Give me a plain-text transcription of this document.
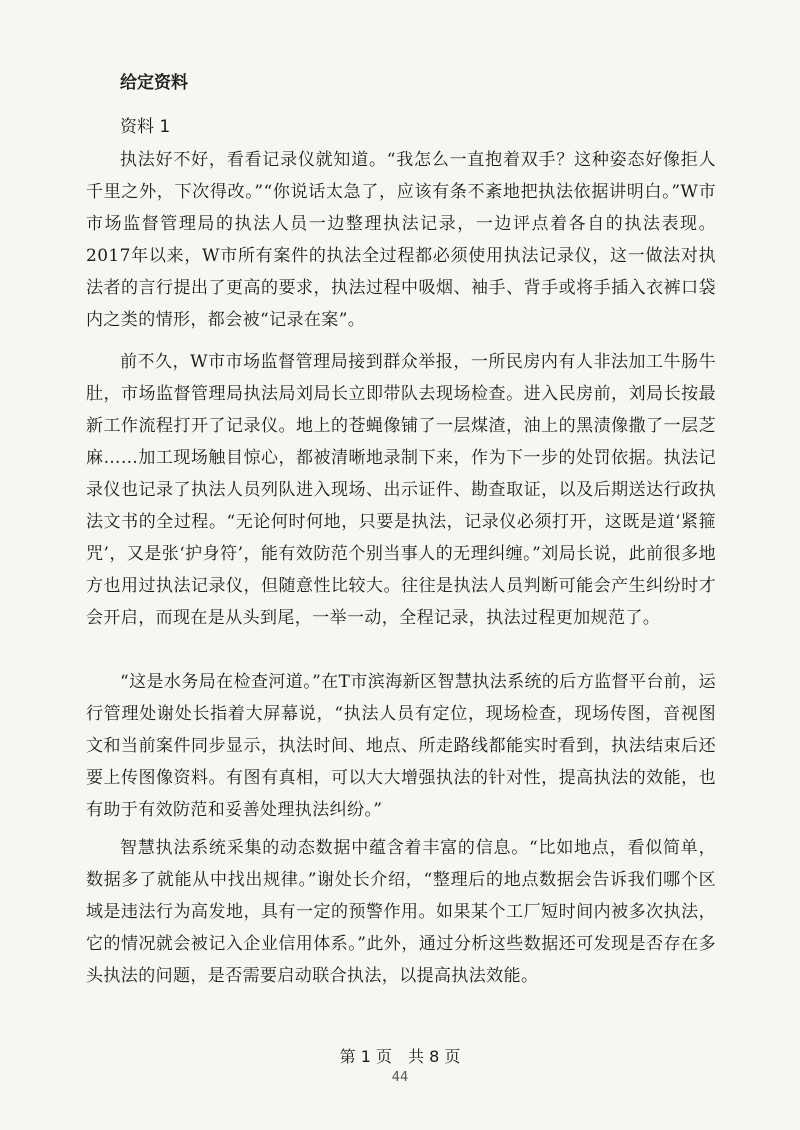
给定资料
资料 1

执法好不好，看看记录仪就知道。“我怎么一直抱着双手？这种姿态好像拒人千里之外，下次得改。”“你说话太急了，应该有条不紊地把执法依据讲明白。”W市市场监督管理局的执法人员一边整理执法记录，一边评点着各自的执法表现。2017年以来，W市所有案件的执法全过程都必须使用执法记录仪，这一做法对执法者的言行提出了更高的要求，执法过程中吸烟、袖手、背手或将手插入衣裤口袋内之类的情形，都会被“记录在案”。

前不久，W市市场监督管理局接到群众举报，一所民房内有人非法加工牛肠牛肚，市场监督管理局执法局刘局长立即带队去现场检查。进入民房前，刘局长按最新工作流程打开了记录仪。地上的苍蝇像铺了一层煤渣，油上的黑渍像撒了一层芝麻……加工现场触目惊心，都被清晰地录制下来，作为下一步的处罚依据。执法记录仪也记录了执法人员列队进入现场、出示证件、勘查取证，以及后期送达行政执法文书的全过程。“无论何时何地，只要是执法，记录仪必须打开，这既是道‘紧箍咒’，又是张‘护身符’，能有效防范个别当事人的无理纠缠。”刘局长说，此前很多地方也用过执法记录仪，但随意性比较大。往往是执法人员判断可能会产生纠纷时才会开启，而现在是从头到尾，一举一动，全程记录，执法过程更加规范了。

“这是水务局在检查河道。”在T市滨海新区智慧执法系统的后方监督平台前，运行管理处谢处长指着大屏幕说，“执法人员有定位，现场检查，现场传图，音视图文和当前案件同步显示，执法时间、地点、所走路线都能实时看到，执法结束后还要上传图像资料。有图有真相，可以大大增强执法的针对性，提高执法的效能，也有助于有效防范和妥善处理执法纠纷。”

智慧执法系统采集的动态数据中蕴含着丰富的信息。“比如地点，看似简单，数据多了就能从中找出规律。”谢处长介绍，“整理后的地点数据会告诉我们哪个区域是违法行为高发地，具有一定的预警作用。如果某个工厂短时间内被多次执法，它的情况就会被记入企业信用体系。”此外，通过分析这些数据还可发现是否存在多头执法的问题，是否需要启动联合执法，以提高执法效能。

第 1 页　共 8 页
44
